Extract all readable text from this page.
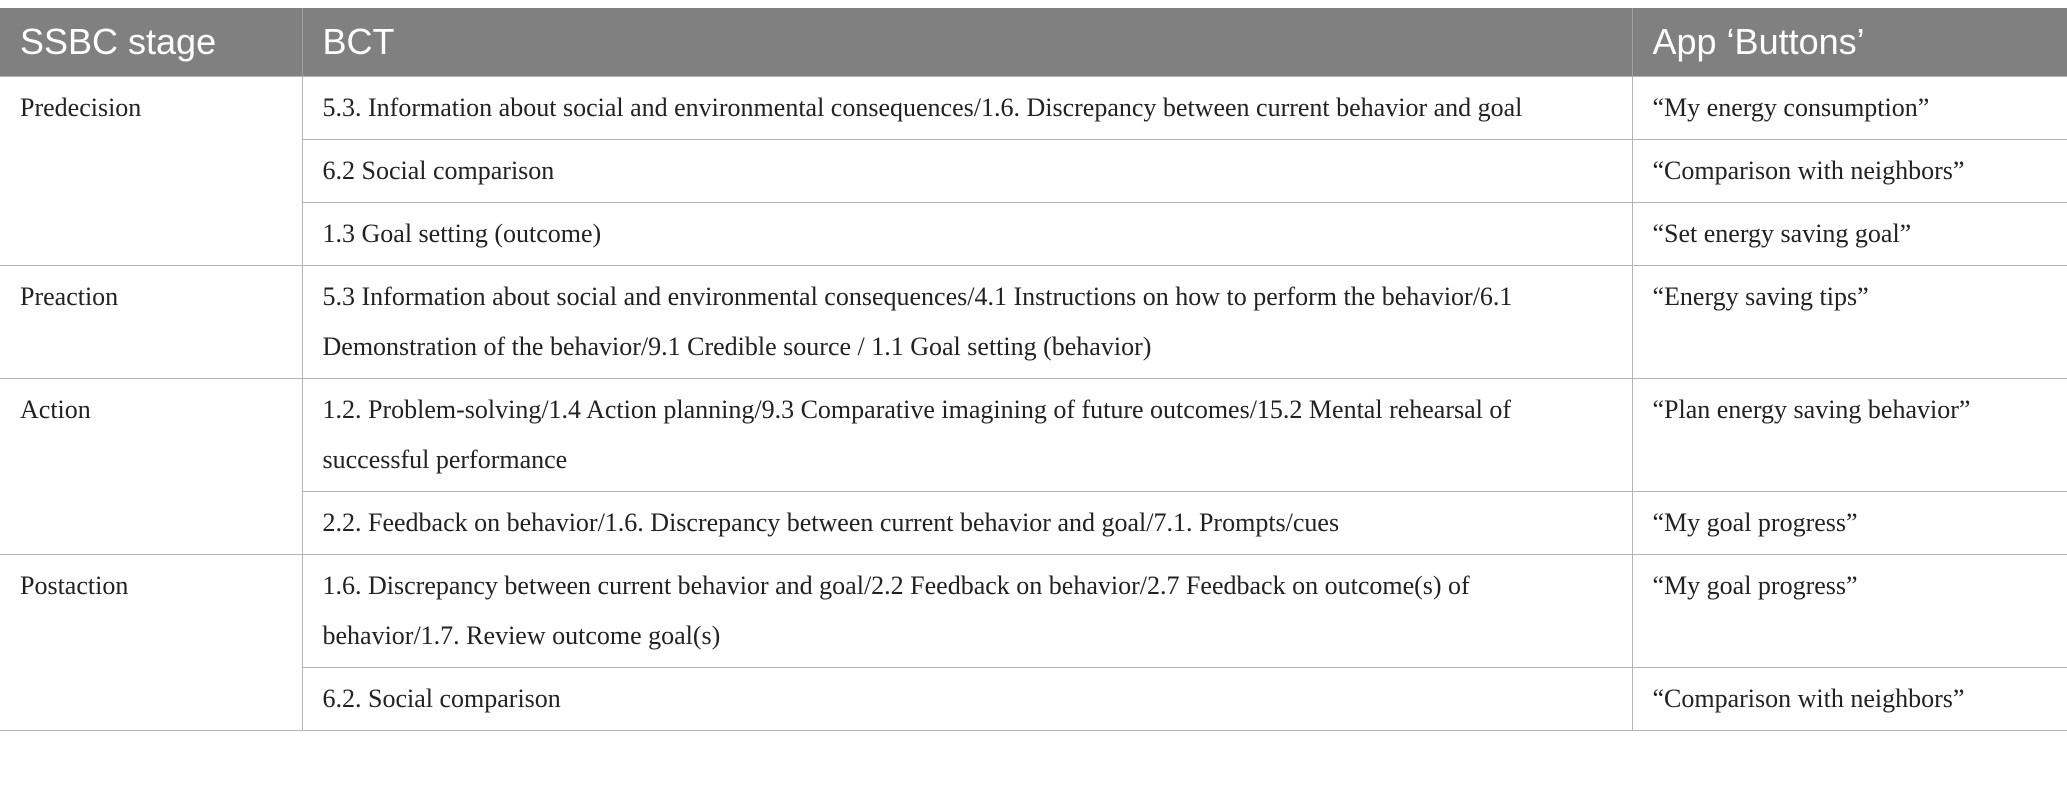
SSBC stage	BCT	App ‘Buttons’
Predecision	5.3. Information about social and environmental consequences/1.6. Discrepancy between current behavior and goal	“My energy consumption”
	6.2 Social comparison	“Comparison with neighbors”
	1.3 Goal setting (outcome)	“Set energy saving goal”
Preaction	5.3 Information about social and environmental consequences/4.1 Instructions on how to perform the behavior/6.1 Demonstration of the behavior/9.1 Credible source / 1.1 Goal setting (behavior)	“Energy saving tips”
Action	1.2. Problem-solving/1.4 Action planning/9.3 Comparative imagining of future outcomes/15.2 Mental rehearsal of successful performance	“Plan energy saving behavior”
	2.2. Feedback on behavior/1.6. Discrepancy between current behavior and goal/7.1. Prompts/cues	“My goal progress”
Postaction	1.6. Discrepancy between current behavior and goal/2.2 Feedback on behavior/2.7 Feedback on outcome(s) of behavior/1.7. Review outcome goal(s)	“My goal progress”
	6.2. Social comparison	“Comparison with neighbors”
